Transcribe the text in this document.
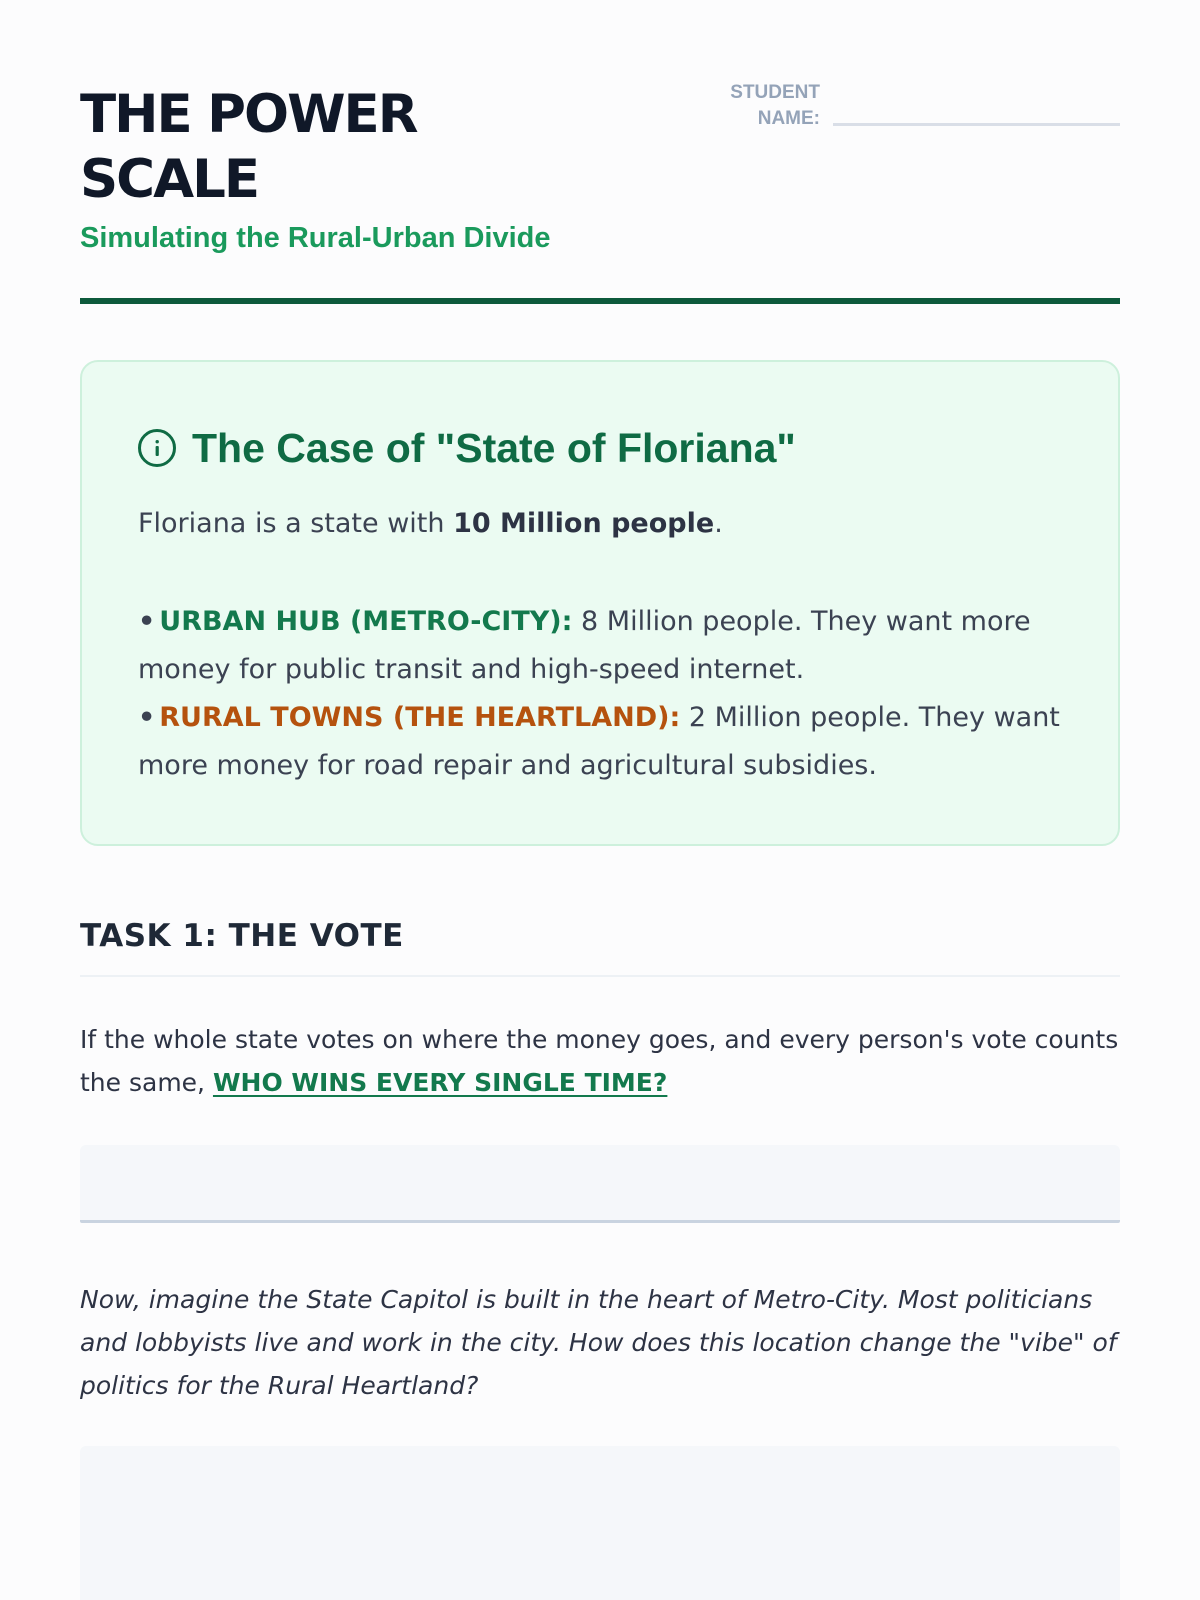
THE POWER
SCALE
Simulating the Rural-Urban Divide
STUDENT
NAME:
The Case of "State of Floriana"
Floriana is a state with 10 Million people.
• URBAN HUB (METRO-CITY): 8 Million people. They want more money for public transit and high-speed internet.
• RURAL TOWNS (THE HEARTLAND): 2 Million people. They want more money for road repair and agricultural subsidies.
TASK 1: THE VOTE
If the whole state votes on where the money goes, and every person's vote counts the same, WHO WINS EVERY SINGLE TIME?
Now, imagine the State Capitol is built in the heart of Metro-City. Most politicians and lobbyists live and work in the city. How does this location change the "vibe" of politics for the Rural Heartland?
